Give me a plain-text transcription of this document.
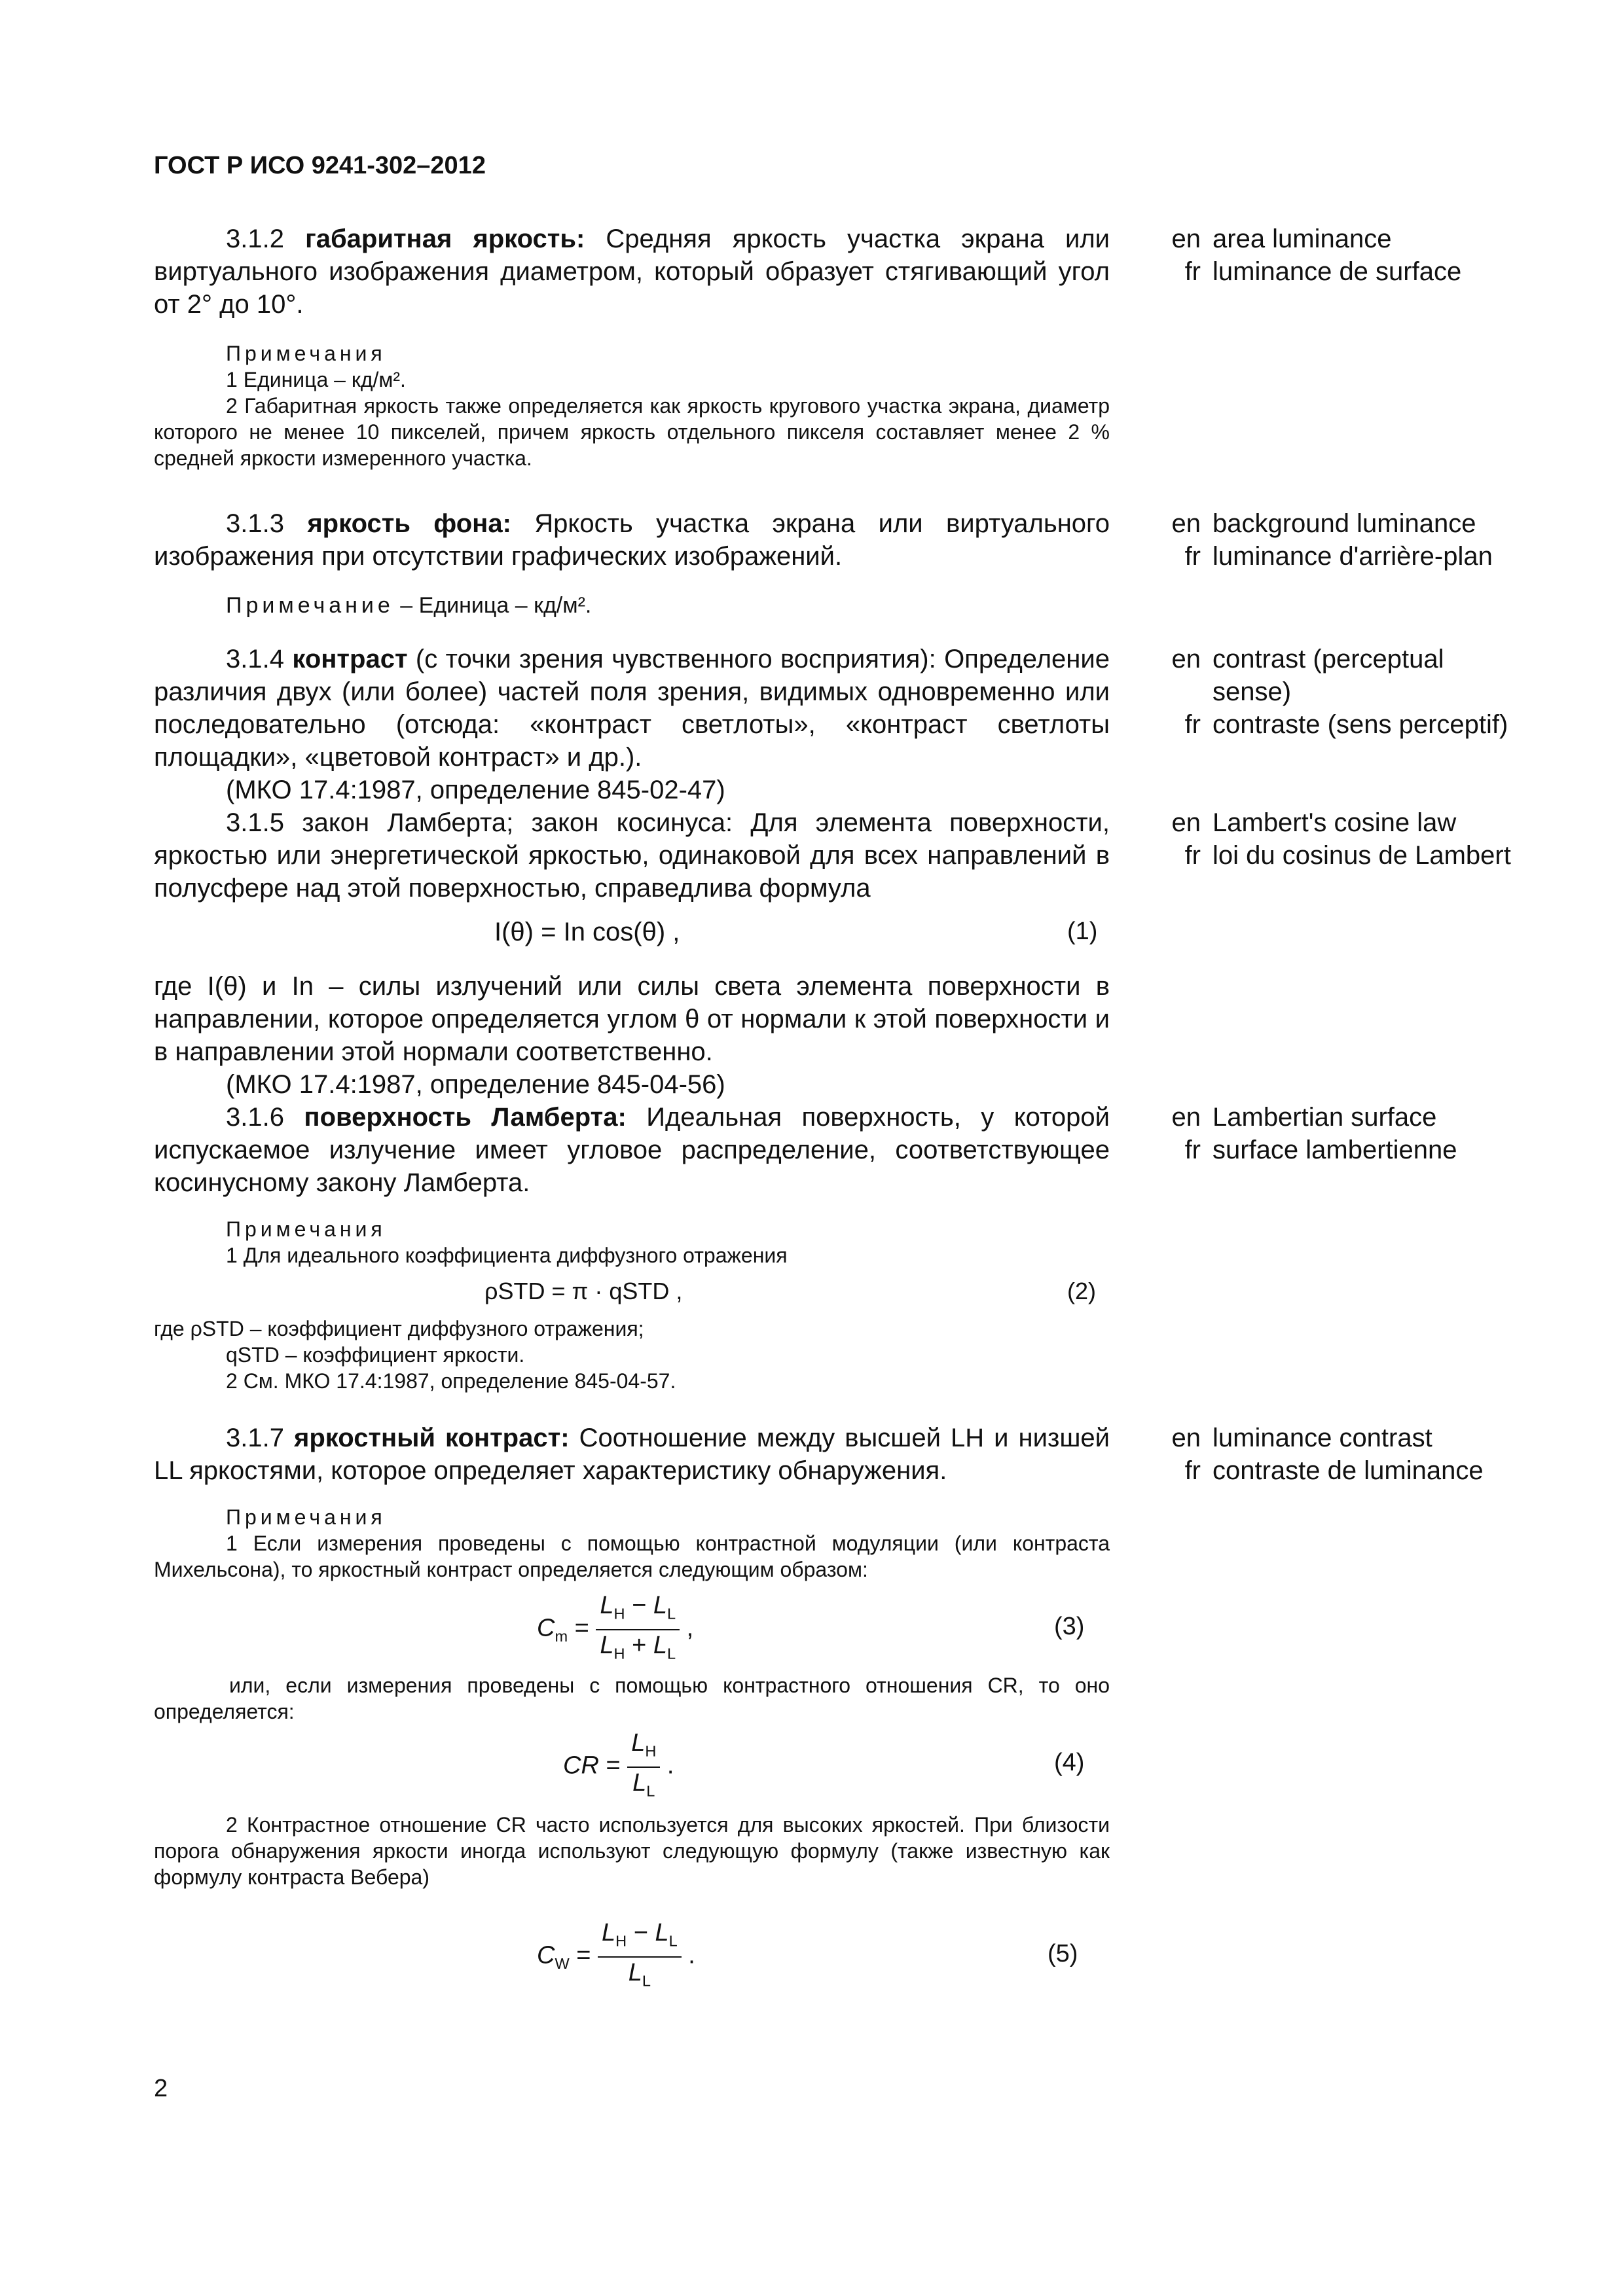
ГОСТ Р ИСО 9241-302–2012
3.1.2 габаритная яркость: Средняя яркость участка экрана или виртуального изображения диаметром, который образует стягивающий угол от 2° до 10°.
Примечания
1 Единица – кд/м².
2 Габаритная яркость также определяется как яркость кругового участка экрана, диаметр которого не менее 10 пикселей, причем яркость отдельного пикселя составляет менее 2 % средней яркости измеренного участка.
en area luminance
fr luminance de surface
3.1.3 яркость фона: Яркость участка экрана или виртуального изображения при отсутствии графических изображений.
Примечание – Единица – кд/м².
en background luminance
fr luminance d'arrière-plan
3.1.4 контраст (с точки зрения чувственного восприятия): Определение различия двух (или более) частей поля зрения, видимых одновременно или последовательно (отсюда: «контраст светлоты», «контраст светлоты площадки», «цветовой контраст» и др.).
(МКО 17.4:1987, определение 845-02-47)
en contrast (perceptual sense)
fr contraste (sens perceptif)
3.1.5 закон Ламберта; закон косинуса: Для элемента поверхности, яркостью или энергетической яркостью, одинаковой для всех направлений в полусфере над этой поверхностью, справедлива формула
I(θ) = In cos(θ) ,	(1)
где I(θ) и In – силы излучений или силы света элемента поверхности в направлении, которое определяется углом θ от нормали к этой поверхности и в направлении этой нормали соответственно.
(МКО 17.4:1987, определение 845-04-56)
en Lambert's cosine law
fr loi du cosinus de Lambert
3.1.6 поверхность Ламберта: Идеальная поверхность, у которой испускаемое излучение имеет угловое распределение, соответствующее косинусному закону Ламберта.
Примечания
1 Для идеального коэффициента диффузного отражения
ρSTD = π · qSTD ,	(2)
где ρSTD – коэффициент диффузного отражения;
qSTD – коэффициент яркости.
2 См. МКО 17.4:1987, определение 845-04-57.
en Lambertian surface
fr surface lambertienne
3.1.7 яркостный контраст: Соотношение между высшей LH и низшей LL яркостями, которое определяет характеристику обнаружения.
Примечания
1 Если измерения проведены с помощью контрастной модуляции (или контраста Михельсона), то яркостный контраст определяется следующим образом:
$C_m = \frac{L_H - L_L}{L_H + L_L}$ ,	(3)
или, если измерения проведены с помощью контрастного отношения CR, то оно определяется:
CR = $\frac{L_H}{L_L}$ .	(4)
2 Контрастное отношение CR часто используется для высоких яркостей. При близости порога обнаружения яркости иногда используют следующую формулу (также известную как формулу контраста Вебера)
$C_W = \frac{L_H - L_L}{L_L}$ .	(5)
en luminance contrast
fr contraste de luminance
2
